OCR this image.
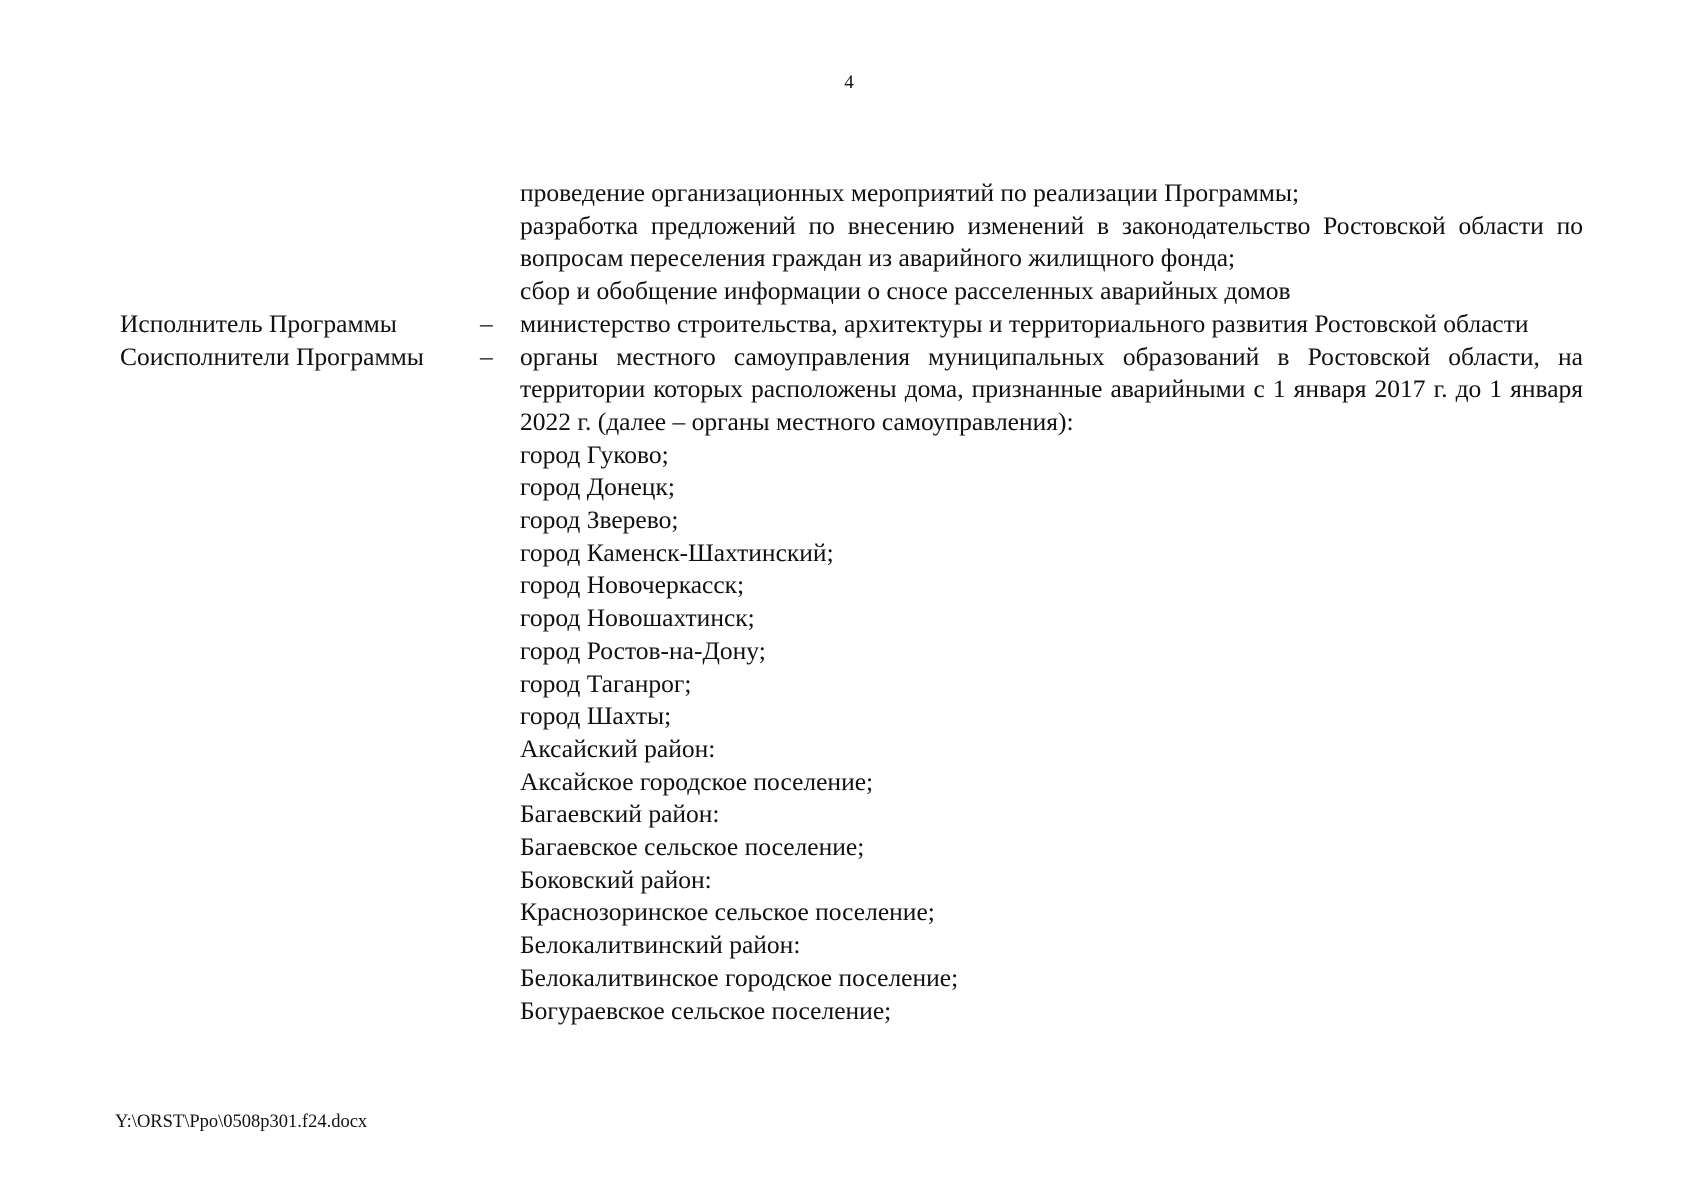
4

проведение организационных мероприятий по реализации Программы;

разработка предложений по внесению изменений в законодательство Ростовской области по вопросам переселения граждан из аварийного жилищного фонда;

сбор и обобщение информации о сносе расселенных аварийных домов

Исполнитель Программы	– министерство строительства, архитектуры и территориального развития Ростовской области

Соисполнители Программы	– органы местного самоуправления муниципальных образований в Ростовской области, на территории которых расположены дома, признанные аварийными с 1 января 2017 г. до 1 января 2022 г. (далее – органы местного самоуправления):

город Гуково;

город Донецк;

город Зверево;

город Каменск-Шахтинский;

город Новочеркасск;

город Новошахтинск;

город Ростов-на-Дону;

город Таганрог;

город Шахты;

Аксайский район:

Аксайское городское поселение;

Багаевский район:

Багаевское сельское поселение;

Боковский район:

Краснозоринское сельское поселение;

Белокалитвинский район:

Белокалитвинское городское поселение;

Богураевское сельское поселение;

Y:\ORST\Ppo\0508p301.f24.docx
